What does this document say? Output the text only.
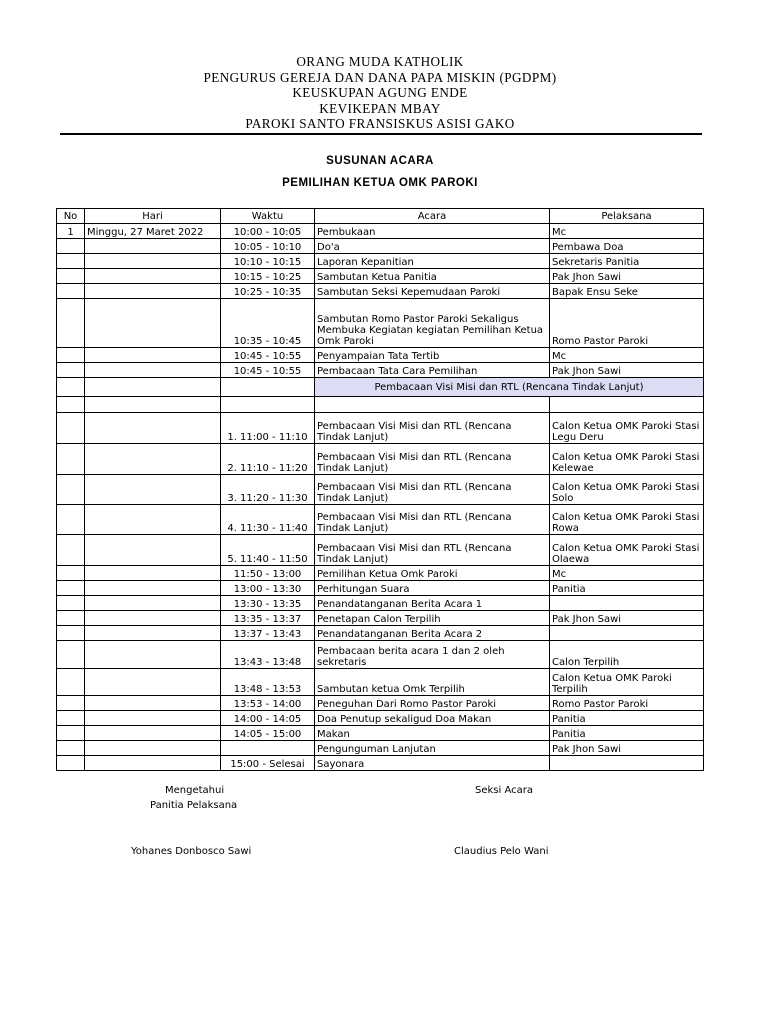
ORANG MUDA KATHOLIK
PENGURUS GEREJA DAN DANA PAPA MISKIN (PGDPM)
KEUSKUPAN AGUNG ENDE
KEVIKEPAN MBAY
PAROKI SANTO FRANSISKUS ASISI GAKO
SUSUNAN ACARA
PEMILIHAN KETUA OMK PAROKI
No	Hari	Waktu	Acara	Pelaksana
1	Minggu, 27 Maret 2022	10:00 - 10:05	Pembukaan	Mc
		10:05 - 10:10	Do'a	Pembawa Doa
		10:10 - 10:15	Laporan Kepanitian	Sekretaris Panitia
		10:15 - 10:25	Sambutan Ketua Panitia	Pak Jhon Sawi
		10:25 - 10:35	Sambutan Seksi Kepemudaan Paroki	Bapak Ensu Seke
		10:35 - 10:45	Sambutan Romo Pastor Paroki Sekaligus Membuka Kegiatan kegiatan Pemilihan Ketua Omk Paroki	Romo Pastor Paroki
		10:45 - 10:55	Penyampaian Tata Tertib	Mc
		10:45 - 10:55	Pembacaan Tata Cara Pemilihan	Pak Jhon Sawi
			Pembacaan Visi Misi dan RTL (Rencana Tindak Lanjut)	

		1. 11:00 - 11:10	Pembacaan Visi Misi dan RTL (Rencana Tindak Lanjut)	Calon Ketua OMK Paroki Stasi Legu Deru
		2. 11:10 - 11:20	Pembacaan Visi Misi dan RTL (Rencana Tindak Lanjut)	Calon Ketua OMK Paroki Stasi Kelewae
		3. 11:20 - 11:30	Pembacaan Visi Misi dan RTL (Rencana Tindak Lanjut)	Calon Ketua OMK Paroki Stasi Solo
		4. 11:30 - 11:40	Pembacaan Visi Misi dan RTL (Rencana Tindak Lanjut)	Calon Ketua OMK Paroki Stasi Rowa
		5. 11:40 - 11:50	Pembacaan Visi Misi dan RTL (Rencana Tindak Lanjut)	Calon Ketua OMK Paroki Stasi Olaewa
		11:50 - 13:00	Pemilihan Ketua Omk Paroki	Mc
		13:00 - 13:30	Perhitungan Suara	Panitia
		13:30 - 13:35	Penandatanganan Berita Acara 1	
		13:35 - 13:37	Penetapan Calon Terpilih	Pak Jhon Sawi
		13:37 - 13:43	Penandatanganan Berita Acara 2	
		13:43 - 13:48	Pembacaan berita acara 1 dan 2 oleh sekretaris	Calon Terpilih
		13:48 - 13:53	Sambutan ketua Omk Terpilih	Calon Ketua OMK Paroki Terpilih
		13:53 - 14:00	Peneguhan Dari Romo Pastor Paroki	Romo Pastor Paroki
		14:00 - 14:05	Doa Penutup sekaligud Doa Makan	Panitia
		14:05 - 15:00	Makan	Panitia
			Pengunguman Lanjutan	Pak Jhon Sawi
		15:00 - Selesai	Sayonara	
Mengetahui
Panitia Pelaksana
Seksi Acara
Yohanes Donbosco Sawi	Claudius Pelo Wani
